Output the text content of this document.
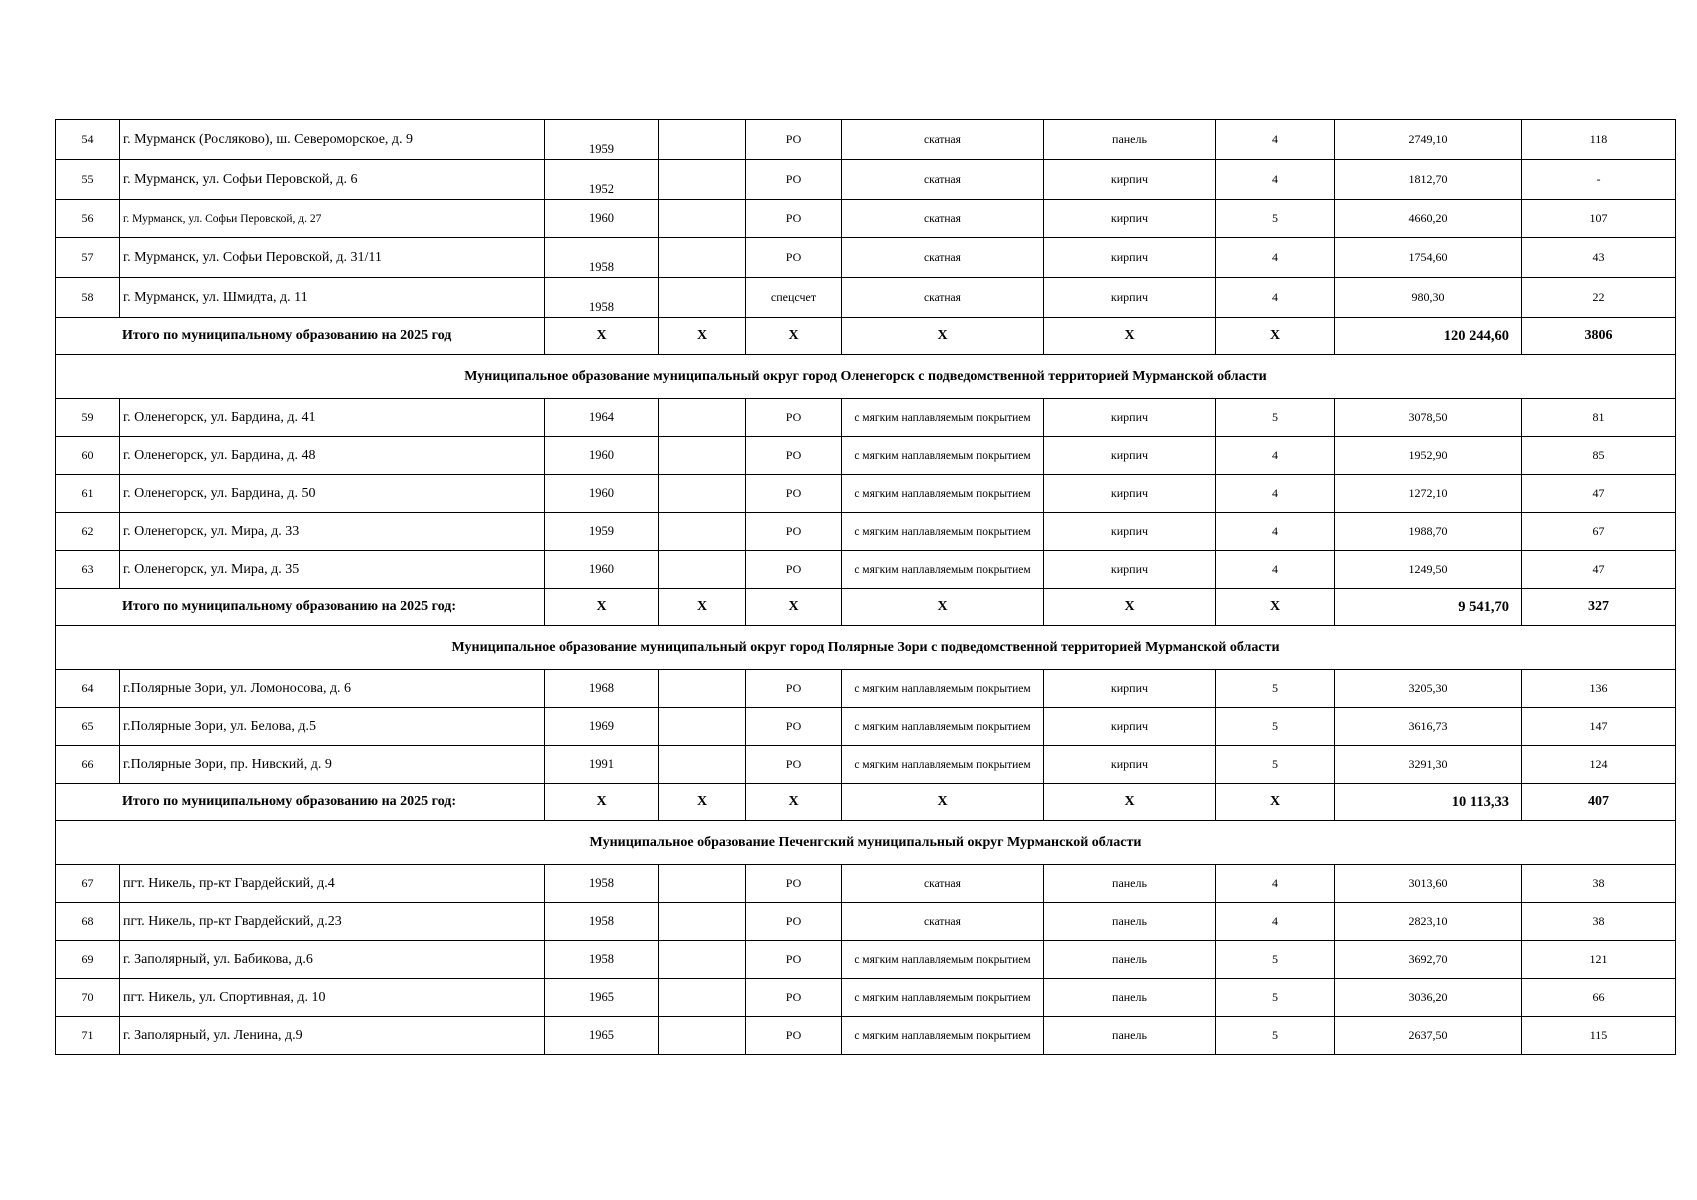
54	г. Мурманск (Росляково), ш. Североморское, д. 9	1959		РО	скатная	панель	4	2749,10	118
55	г. Мурманск, ул. Софьи Перовской, д. 6	1952		РО	скатная	кирпич	4	1812,70	-
56	г. Мурманск, ул. Софьи Перовской, д. 27	1960		РО	скатная	кирпич	5	4660,20	107
57	г. Мурманск, ул. Софьи Перовской, д. 31/11	1958		РО	скатная	кирпич	4	1754,60	43
58	г. Мурманск, ул. Шмидта, д. 11	1958		спецсчет	скатная	кирпич	4	980,30	22
Итого по муниципальному образованию на 2025 год		Х	Х	Х	Х	Х	Х	120 244,60	3806
Муниципальное образование муниципальный округ город Оленегорск с подведомственной территорией Мурманской области									
59	г. Оленегорск, ул. Бардина, д. 41	1964		РО	с мягким наплавляемым покрытием	кирпич	5	3078,50	81
60	г. Оленегорск, ул. Бардина, д. 48	1960		РО	с мягким наплавляемым покрытием	кирпич	4	1952,90	85
61	г. Оленегорск, ул. Бардина, д. 50	1960		РО	с мягким наплавляемым покрытием	кирпич	4	1272,10	47
62	г. Оленегорск, ул. Мира, д. 33	1959		РО	с мягким наплавляемым покрытием	кирпич	4	1988,70	67
63	г. Оленегорск, ул. Мира, д. 35	1960		РО	с мягким наплавляемым покрытием	кирпич	4	1249,50	47
Итого по муниципальному образованию на 2025 год:		Х	Х	Х	Х	Х	Х	9 541,70	327
Муниципальное образование муниципальный округ город Полярные Зори с подведомственной территорией Мурманской области									
64	г.Полярные Зори, ул. Ломоносова, д. 6	1968		РО	с мягким наплавляемым покрытием	кирпич	5	3205,30	136
65	г.Полярные Зори, ул. Белова, д.5	1969		РО	с мягким наплавляемым покрытием	кирпич	5	3616,73	147
66	г.Полярные Зори, пр. Нивский, д. 9	1991		РО	с мягким наплавляемым покрытием	кирпич	5	3291,30	124
Итого по муниципальному образованию на 2025 год:		Х	Х	Х	Х	Х	Х	10 113,33	407
Муниципальное образование Печенгский муниципальный округ Мурманской области									
67	пгт. Никель, пр-кт Гвардейский, д.4	1958		РО	скатная	панель	4	3013,60	38
68	пгт. Никель, пр-кт Гвардейский, д.23	1958		РО	скатная	панель	4	2823,10	38
69	г. Заполярный, ул. Бабикова, д.6	1958		РО	с мягким наплавляемым покрытием	панель	5	3692,70	121
70	пгт. Никель, ул. Спортивная, д. 10	1965		РО	с мягким наплавляемым покрытием	панель	5	3036,20	66
71	г. Заполярный, ул. Ленина, д.9	1965		РО	с мягким наплавляемым покрытием	панель	5	2637,50	115
